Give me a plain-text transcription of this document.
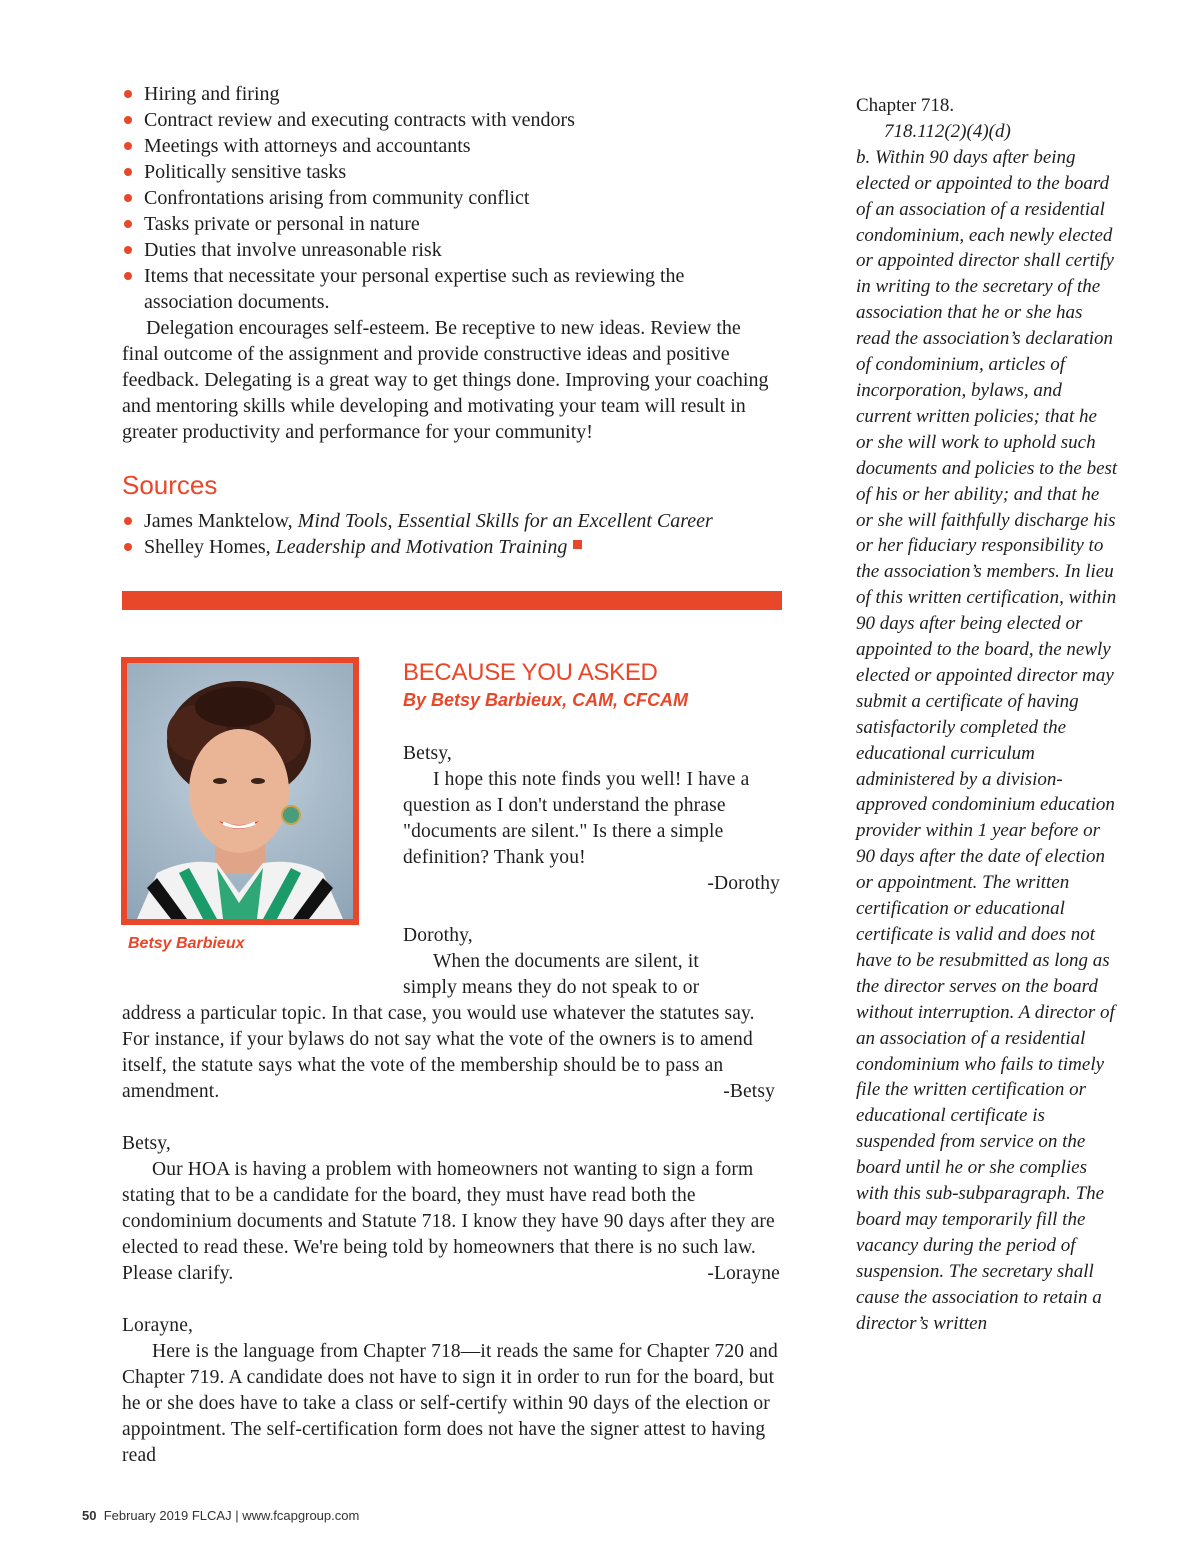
Hiring and firing
Contract review and executing contracts with vendors
Meetings with attorneys and accountants
Politically sensitive tasks
Confrontations arising from community conflict
Tasks private or personal in nature
Duties that involve unreasonable risk
Items that necessitate your personal expertise such as reviewing the association documents.

Delegation encourages self-esteem. Be receptive to new ideas. Review the final outcome of the assignment and provide constructive ideas and positive feedback. Delegating is a great way to get things done. Improving your coaching and mentoring skills while developing and motivating your team will result in greater productivity and performance for your community!

Sources
James Manktelow, Mind Tools, Essential Skills for an Excellent Career
Shelley Homes, Leadership and Motivation Training
Betsy Barbieux
BECAUSE YOU ASKED
By Betsy Barbieux, CAM, CFCAM

Betsy,

I hope this note finds you well! I have a question as I don't understand the phrase "documents are silent." Is there a simple definition? Thank you!

-Dorothy

Dorothy,

When the documents are silent, it

simply means they do not speak to or

address a particular topic. In that case, you would use whatever the statutes say. For instance, if your bylaws do not say what the vote of the owners is to amend itself, the statute says what the vote of the membership should be to pass an amendment.	-Betsy

Betsy,

Our HOA is having a problem with homeowners not wanting to sign a form stating that to be a candidate for the board, they must have read both the condominium documents and Statute 718. I know they have 90 days after they are elected to read these. We're being told by homeowners that there is no such law. Please clarify.	-Lorayne

Lorayne,

Here is the language from Chapter 718—it reads the same for Chapter 720 and Chapter 719. A candidate does not have to sign it in order to run for the board, but he or she does have to take a class or self-certify within 90 days of the election or appointment. The self-certification form does not have the signer attest to having read

Chapter 718.

718.112(2)(4)(d)

b. Within 90 days after being elected or appointed to the board of an association of a residential condominium, each newly elected or appointed director shall certify in writing to the secretary of the association that he or she has read the association’s declaration of condominium, articles of incorporation, bylaws, and current written policies; that he or she will work to uphold such documents and policies to the best of his or her ability; and that he or she will faithfully discharge his or her fiduciary responsibility to the association’s members. In lieu of this written certification, within 90 days after being elected or appointed to the board, the newly elected or appointed director may submit a certificate of having satisfactorily completed the educational curriculum administered by a division-approved condominium education provider within 1 year before or 90 days after the date of election or appointment. The written certification or educational certificate is valid and does not have to be resubmitted as long as the director serves on the board without interruption. A director of an association of a residential condominium who fails to timely file the written certification or educational certificate is suspended from service on the board until he or she complies with this sub-subparagraph. The board may temporarily fill the vacancy during the period of suspension. The secretary shall cause the association to retain a director’s written

50 February 2019 FLCAJ | www.fcapgroup.com
